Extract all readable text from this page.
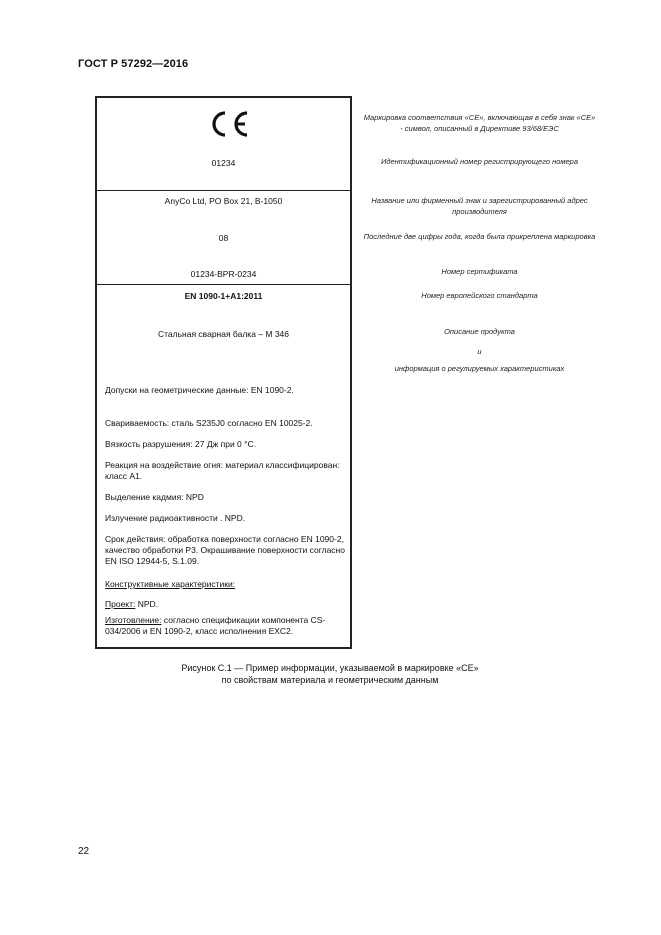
ГОСТ Р 57292—2016
01234
AnyCo Ltd, PO Box 21, B-1050
08
01234-BPR-0234
EN 1090-1+A1:2011
Стальная сварная балка – М 346
Допуски на геометрические данные: EN 1090-2.
Свариваемость: сталь S235J0 согласно EN 10025-2.
Вязкость разрушения: 27 Дж при 0 °С.
Реакция на воздействие огня: материал классифицирован: класс А1.
Выделение кадмия: NPD
Излучение радиоактивности . NPD.
Срок действия: обработка поверхности согласно EN 1090-2, качество обработки Р3. Окрашивание поверхности согласно EN ISO 12944-5, S.1.09.
Конструктивные характеристики:
Проект: NPD.
Изготовление: согласно спецификации компонента CS-034/2006 и EN 1090-2, класс исполнения EXC2.
Маркировка соответствия «СЕ», включающая в себя знак «СЕ» - символ, описанный в Директиве 93/68/ЕЭС
Идентификационный номер регистрирующего номера
Название или фирменный знак и зарегистрированный адрес производителя
Последние две цифры года, когда была прикреплена маркировка
Номер сертификата
Номер европейского стандарта
Описание продукта
и
информация о регулируемых характеристиках
Рисунок С.1 — Пример информации, указываемой в маркировке «СЕ»
по свойствам материала и геометрическим данным
22
